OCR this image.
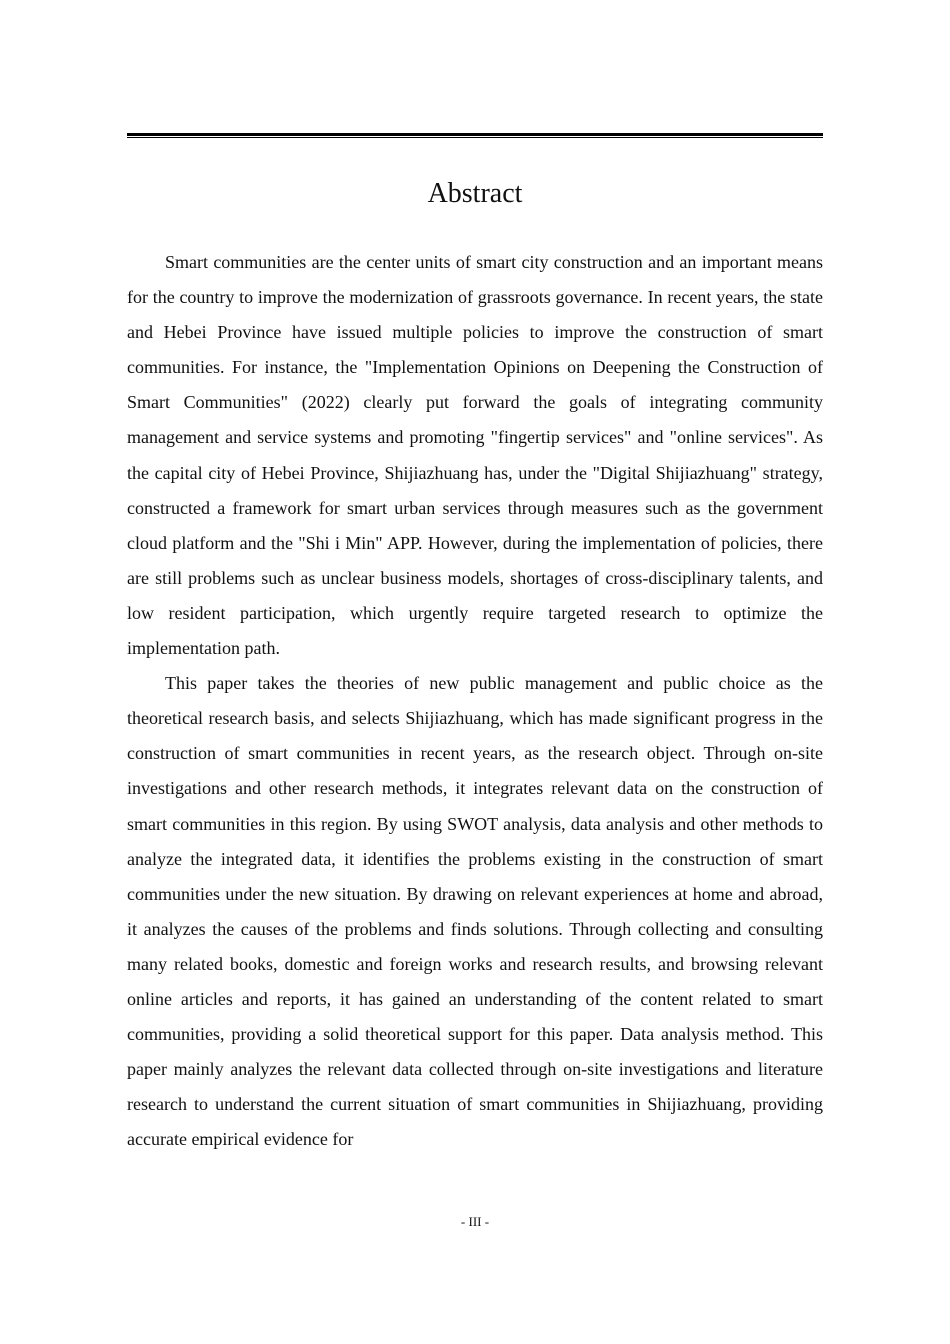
Abstract

Smart communities are the center units of smart city construction and an important means for the country to improve the modernization of grassroots governance. In recent years, the state and Hebei Province have issued multiple policies to improve the construction of smart communities. For instance, the "Implementation Opinions on Deepening the Construction of Smart Communities" (2022) clearly put forward the goals of integrating community management and service systems and promoting "fingertip services" and "online services". As the capital city of Hebei Province, Shijiazhuang has, under the "Digital Shijiazhuang" strategy, constructed a framework for smart urban services through measures such as the government cloud platform and the "Shi i Min" APP. However, during the implementation of policies, there are still problems such as unclear business models, shortages of cross-disciplinary talents, and low resident participation, which urgently require targeted research to optimize the implementation path.

This paper takes the theories of new public management and public choice as the theoretical research basis, and selects Shijiazhuang, which has made significant progress in the construction of smart communities in recent years, as the research object. Through on-site investigations and other research methods, it integrates relevant data on the construction of smart communities in this region. By using SWOT analysis, data analysis and other methods to analyze the integrated data, it identifies the problems existing in the construction of smart communities under the new situation. By drawing on relevant experiences at home and abroad, it analyzes the causes of the problems and finds solutions. Through collecting and consulting many related books, domestic and foreign works and research results, and browsing relevant online articles and reports, it has gained an understanding of the content related to smart communities, providing a solid theoretical support for this paper. Data analysis method. This paper mainly analyzes the relevant data collected through on-site investigations and literature research to understand the current situation of smart communities in Shijiazhuang, providing accurate empirical evidence for

- III -
